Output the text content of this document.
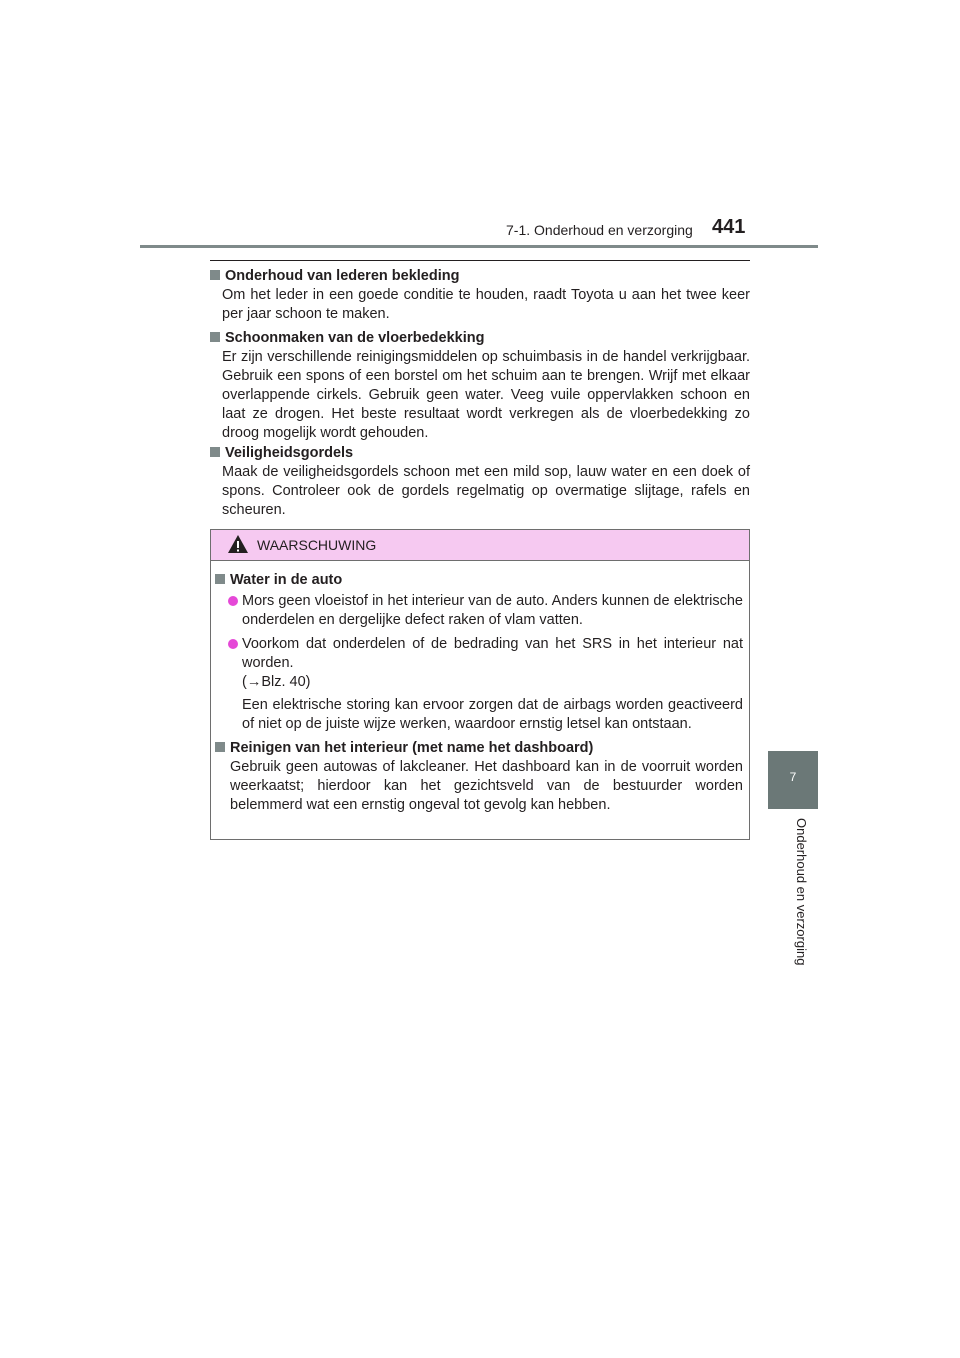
7-1. Onderhoud en verzorging 441
7
Onderhoud en verzorging
Onderhoud van lederen bekleding
Om het leder in een goede conditie te houden, raadt Toyota u aan het twee keer per jaar schoon te maken.
Schoonmaken van de vloerbedekking
Er zijn verschillende reinigingsmiddelen op schuimbasis in de handel verkrijgbaar. Gebruik een spons of een borstel om het schuim aan te brengen. Wrijf met elkaar overlappende cirkels. Gebruik geen water. Veeg vuile oppervlakken schoon en laat ze drogen. Het beste resultaat wordt verkregen als de vloerbedekking zo droog mogelijk wordt gehouden.
Veiligheidsgordels
Maak de veiligheidsgordels schoon met een mild sop, lauw water en een doek of spons. Controleer ook de gordels regelmatig op overmatige slijtage, rafels en scheuren.
WAARSCHUWING
Water in de auto
Mors geen vloeistof in het interieur van de auto. Anders kunnen de elektrische onderdelen en dergelijke defect raken of vlam vatten.
Voorkom dat onderdelen of de bedrading van het SRS in het interieur nat worden.
(→Blz. 40)
Een elektrische storing kan ervoor zorgen dat de airbags worden geactiveerd of niet op de juiste wijze werken, waardoor ernstig letsel kan ontstaan.
Reinigen van het interieur (met name het dashboard)
Gebruik geen autowas of lakcleaner. Het dashboard kan in de voorruit worden weerkaatst; hierdoor kan het gezichtsveld van de bestuurder worden belemmerd wat een ernstig ongeval tot gevolg kan hebben.
